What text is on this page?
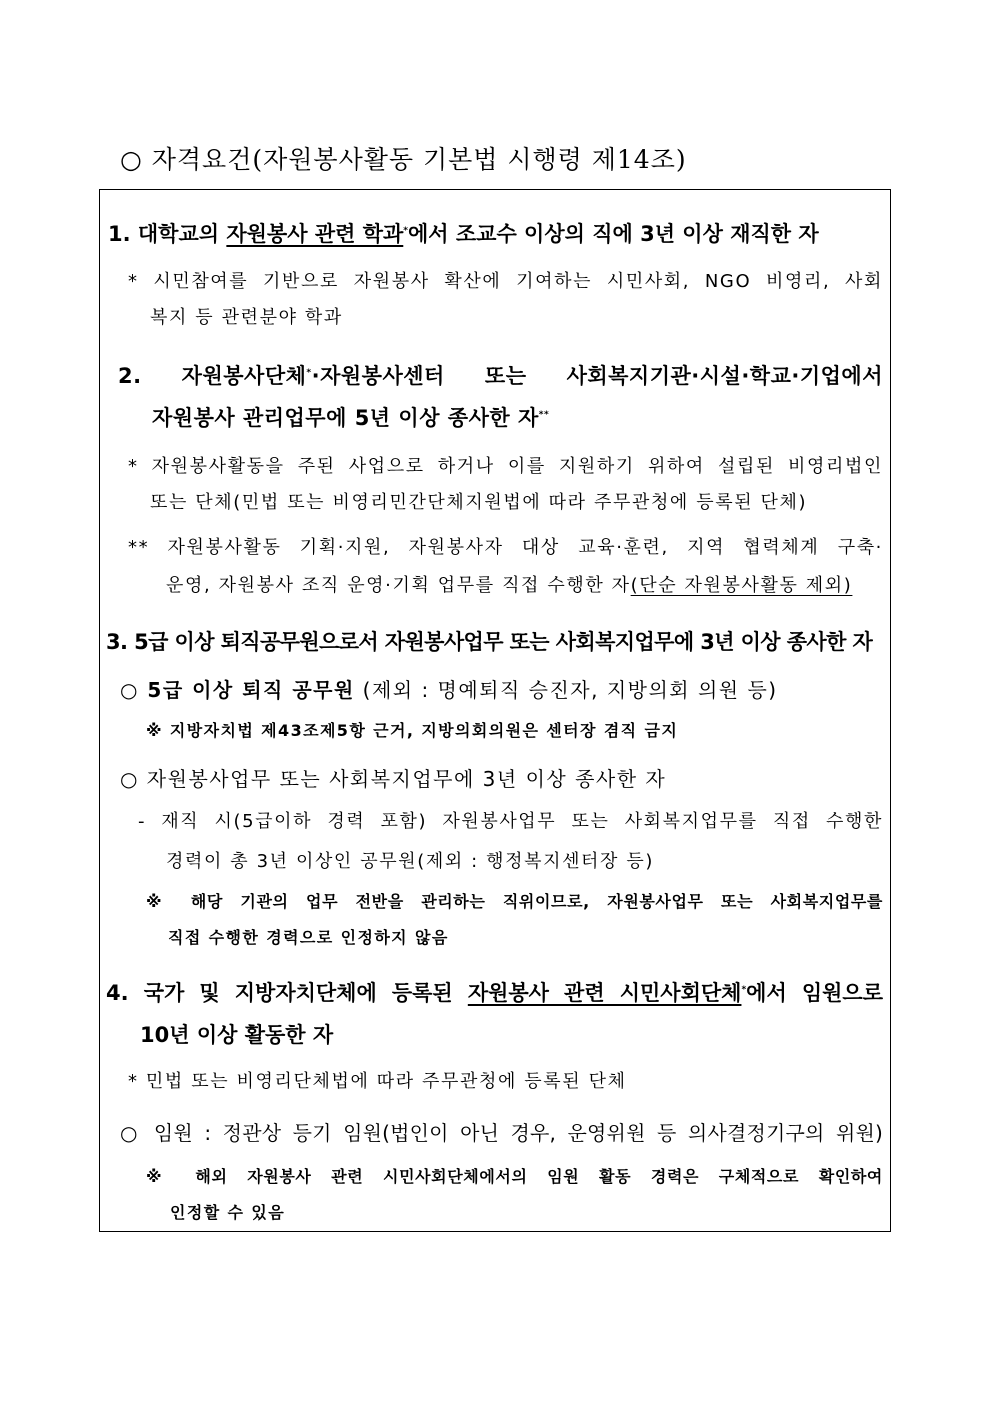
○ 자격요건(자원봉사활동 기본법 시행령 제14조)
1. 대학교의 자원봉사 관련 학과*에서 조교수 이상의 직에 3년 이상 재직한 자
* 시민참여를 기반으로 자원봉사 확산에 기여하는 시민사회, NGO 비영리, 사회
복지 등 관련분야 학과
2. 자원봉사단체*·자원봉사센터 또는 사회복지기관·시설·학교·기업에서
자원봉사 관리업무에 5년 이상 종사한 자**
* 자원봉사활동을 주된 사업으로 하거나 이를 지원하기 위하여 설립된 비영리법인
또는 단체(민법 또는 비영리민간단체지원법에 따라 주무관청에 등록된 단체)
** 자원봉사활동 기획·지원, 자원봉사자 대상 교육·훈련, 지역 협력체계 구축·
운영, 자원봉사 조직 운영·기획 업무를 직접 수행한 자(단순 자원봉사활동 제외)
3. 5급 이상 퇴직공무원으로서 자원봉사업무 또는 사회복지업무에 3년 이상 종사한 자
○ 5급 이상 퇴직 공무원 (제외 : 명예퇴직 승진자, 지방의회 의원 등)
※ 지방자치법 제43조제5항 근거, 지방의회의원은 센터장 겸직 금지
○ 자원봉사업무 또는 사회복지업무에 3년 이상 종사한 자
- 재직 시(5급이하 경력 포함) 자원봉사업무 또는 사회복지업무를 직접 수행한
경력이 총 3년 이상인 공무원(제외 : 행정복지센터장 등)
※ 해당 기관의 업무 전반을 관리하는 직위이므로, 자원봉사업무 또는 사회복지업무를
직접 수행한 경력으로 인정하지 않음
4. 국가 및 지방자치단체에 등록된 자원봉사 관련 시민사회단체*에서 임원으로
10년 이상 활동한 자
* 민법 또는 비영리단체법에 따라 주무관청에 등록된 단체
○ 임원 : 정관상 등기 임원(법인이 아닌 경우, 운영위원 등 의사결정기구의 위원)
※ 해외 자원봉사 관련 시민사회단체에서의 임원 활동 경력은 구체적으로 확인하여
인정할 수 있음
